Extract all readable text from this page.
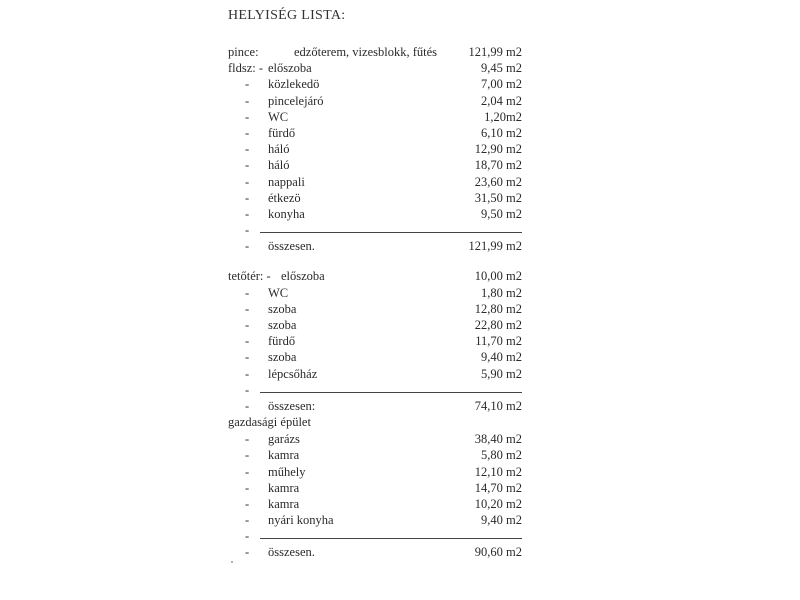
HELYISÉG LISTA:
pince:	edzőterem, vizesblokk, fűtés	121,99 m2
fldsz: - előszoba	9,45 m2
- közlekedö	7,00 m2
- pincelejáró	2,04 m2
- WC	1,20m2
- fürdő	6,10 m2
- háló	12,90 m2
- háló	18,70 m2
- nappali	23,60 m2
- étkezö	31,50 m2
- konyha	9,50 m2
-
- összesen.	121,99 m2
tetőtér: - előszoba	10,00 m2
- WC	1,80 m2
- szoba	12,80 m2
- szoba	22,80 m2
- fürdő	11,70 m2
- szoba	9,40 m2
- lépcsőház	5,90 m2
-
- összesen:	74,10 m2
gazdasági épület
- garázs	38,40 m2
- kamra	5,80 m2
- műhely	12,10 m2
- kamra	14,70 m2
- kamra	10,20 m2
- nyári konyha	9,40 m2
-
- összesen.	90,60 m2
